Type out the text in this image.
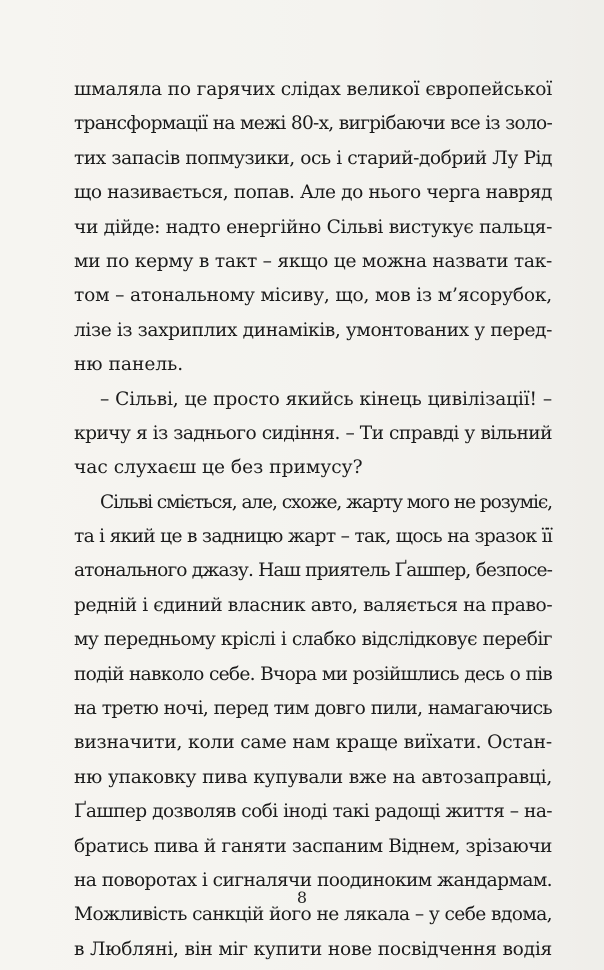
шмаляла по гарячих слідах великої європейської
трансформації на межі 80-х, вигрібаючи все із золо-
тих запасів попмузики, ось і старий-добрий Лу Рід
що називається, попав. Але до нього черга навряд
чи дійде: надто енергійно Сільві вистукує пальця-
ми по керму в такт – якщо це можна назвати так-
том – атональному місиву, що, мов із м’ясорубок,
лізе із захриплих динаміків, умонтованих у перед-
ню панель.
– Сільві, це просто якийсь кінець цивілізації! –
кричу я із заднього сидіння. – Ти справді у вільний
час слухаєш це без примусу?
Сільві сміється, але, схоже, жарту мого не розуміє,
та і який це в задницю жарт – так, щось на зразок її
атонального джазу. Наш приятель Ґашпер, безпосе-
редній і єдиний власник авто, валяється на право-
му передньому кріслі і слабко відслідковує перебіг
подій навколо себе. Вчора ми розійшлись десь о пів
на третю ночі, перед тим довго пили, намагаючись
визначити, коли саме нам краще виїхати. Остан-
ню упаковку пива купували вже на автозаправці,
Ґашпер дозволяв собі іноді такі радощі життя – на-
братись пива й ганяти заспаним Віднем, зрізаючи
на поворотах і сигналячи поодиноким жандармам.
Можливість санкцій його не лякала – у себе вдома,
в Любляні, він міг купити нове посвідчення водія
8
